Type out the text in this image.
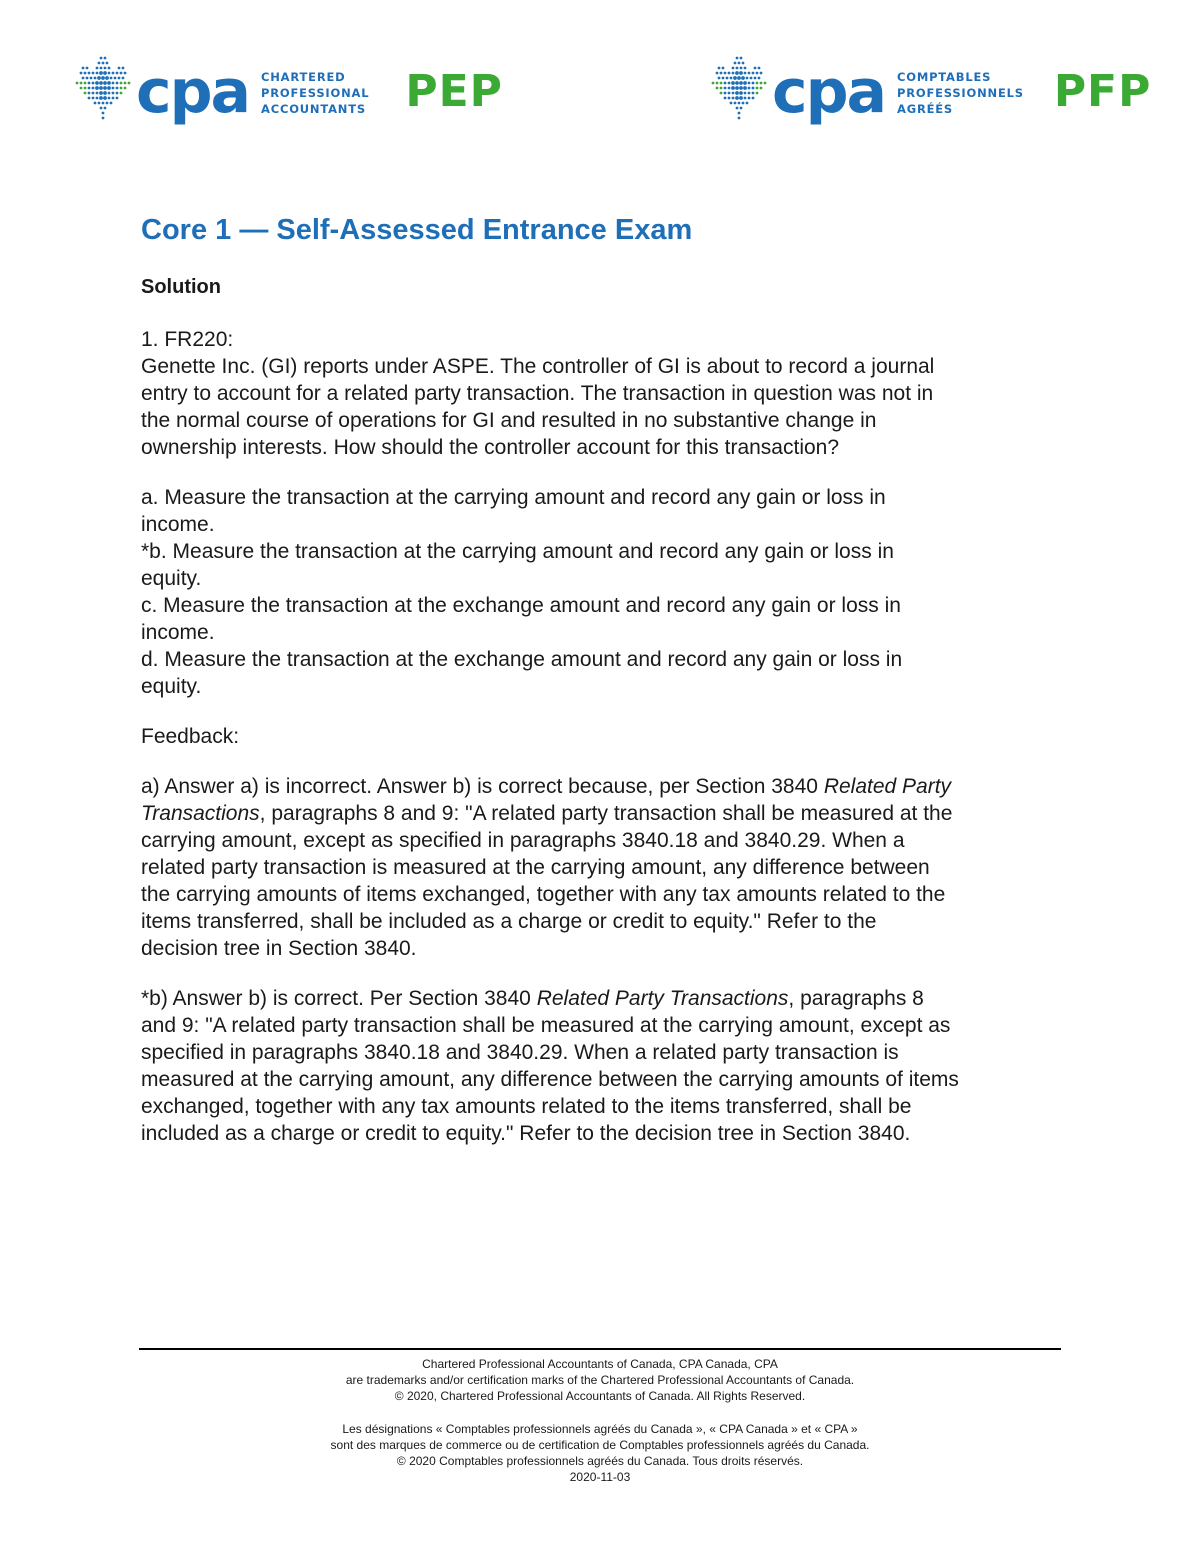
cpa CHARTERED
PROFESSIONAL
ACCOUNTANTS PEP	cpa COMPTABLES
PROFESSIONNELS
AGRÉÉS	PFP
Core 1 — Self-Assessed Entrance Exam
Solution

1. FR220:

Genette Inc. (GI) reports under ASPE. The controller of GI is about to record a journal

entry to account for a related party transaction. The transaction in question was not in

the normal course of operations for GI and resulted in no substantive change in

ownership interests. How should the controller account for this transaction?

a. Measure the transaction at the carrying amount and record any gain or loss in

income.

*b. Measure the transaction at the carrying amount and record any gain or loss in

equity.

c. Measure the transaction at the exchange amount and record any gain or loss in

income.

d. Measure the transaction at the exchange amount and record any gain or loss in

equity.

Feedback:

a) Answer a) is incorrect. Answer b) is correct because, per Section 3840 Related Party

Transactions, paragraphs 8 and 9: "A related party transaction shall be measured at the

carrying amount, except as specified in paragraphs 3840.18 and 3840.29. When a

related party transaction is measured at the carrying amount, any difference between

the carrying amounts of items exchanged, together with any tax amounts related to the

items transferred, shall be included as a charge or credit to equity." Refer to the

decision tree in Section 3840.

*b) Answer b) is correct. Per Section 3840 Related Party Transactions, paragraphs 8

and 9: "A related party transaction shall be measured at the carrying amount, except as

specified in paragraphs 3840.18 and 3840.29. When a related party transaction is

measured at the carrying amount, any difference between the carrying amounts of items

exchanged, together with any tax amounts related to the items transferred, shall be

included as a charge or credit to equity." Refer to the decision tree in Section 3840.

Chartered Professional Accountants of Canada, CPA Canada, CPA
are trademarks and/or certification marks of the Chartered Professional Accountants of Canada.
© 2020, Chartered Professional Accountants of Canada. All Rights Reserved.
Les désignations « Comptables professionnels agréés du Canada », « CPA Canada » et « CPA »
sont des marques de commerce ou de certification de Comptables professionnels agréés du Canada.
© 2020 Comptables professionnels agréés du Canada. Tous droits réservés.
2020-11-03
